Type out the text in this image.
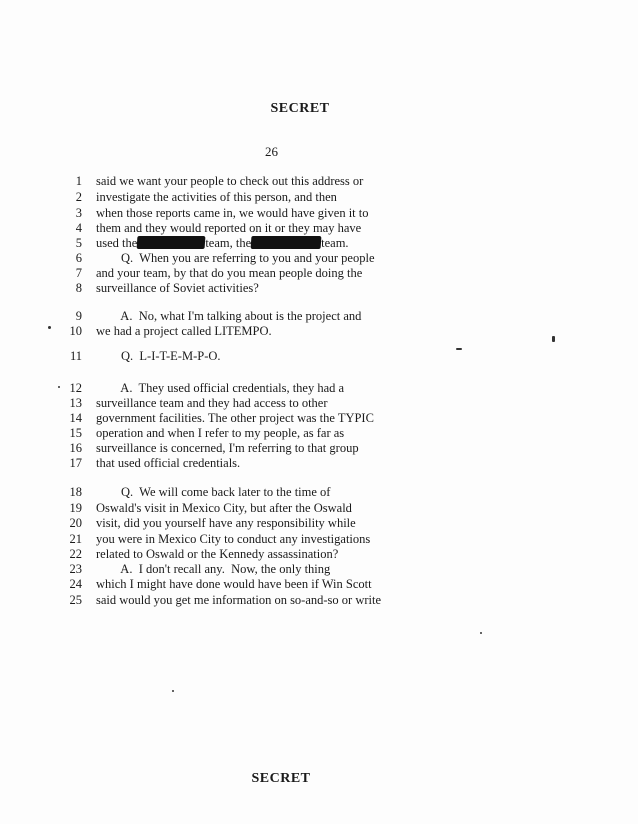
SECRET
26
1 said we want your people to check out this address or
2 investigate the activities of this person, and then
3 when those reports came in, we would have given it to
4 them and they would reported on it or they may have
5 used the	team, the	team.
6 Q.  When you are referring to you and your people
7 and your team, by that do you mean people doing the
8 surveillance of Soviet activities?
9 A.  No, what I'm talking about is the project and
10 we had a project called LITEMPO.
11 Q.  L-I-T-E-M-P-O.
12 A.  They used official credentials, they had a
13 surveillance team and they had access to other
14 government facilities. The other project was the TYPIC
15 operation and when I refer to my people, as far as
16 surveillance is concerned, I'm referring to that group
17 that used official credentials.
18 Q.  We will come back later to the time of
19 Oswald's visit in Mexico City, but after the Oswald
20 visit, did you yourself have any responsibility while
21 you were in Mexico City to conduct any investigations
22 related to Oswald or the Kennedy assassination?
23 A.  I don't recall any.  Now, the only thing
24 which I might have done would have been if Win Scott
25 said would you get me information on so-and-so or write
SECRET
